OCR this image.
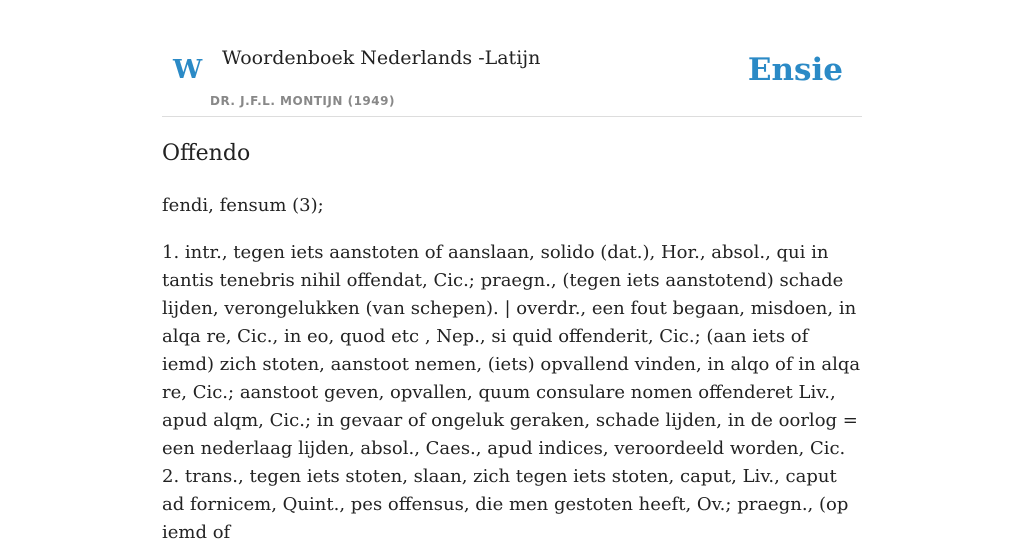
W Woordenboek Nederlands -Latijn
DR. J.F.L. MONTIJN (1949)
Ensie
Offendo

fendi, fensum (3);

1. intr., tegen iets aanstoten of aanslaan, solido (dat.), Hor., absol., qui in tantis tenebris nihil offendat, Cic.; praegn., (tegen iets aanstotend) schade lijden, verongelukken (van schepen). | overdr., een fout begaan, misdoen, in alqa re, Cic., in eo, quod etc , Nep., si quid offenderit, Cic.; (aan iets of iemd) zich stoten, aanstoot nemen, (iets) opvallend vinden, in alqo of in alqa re, Cic.; aanstoot geven, opvallen, quum consulare nomen offenderet Liv., apud alqm, Cic.; in gevaar of ongeluk geraken, schade lijden, in de oorlog = een nederlaag lijden, absol., Caes., apud indices, veroordeeld worden, Cic.

2. trans., tegen iets stoten, slaan, zich tegen iets stoten, caput, Liv., caput ad fornicem, Quint., pes offensus, die men gestoten heeft, Ov.; praegn., (op iemd of
